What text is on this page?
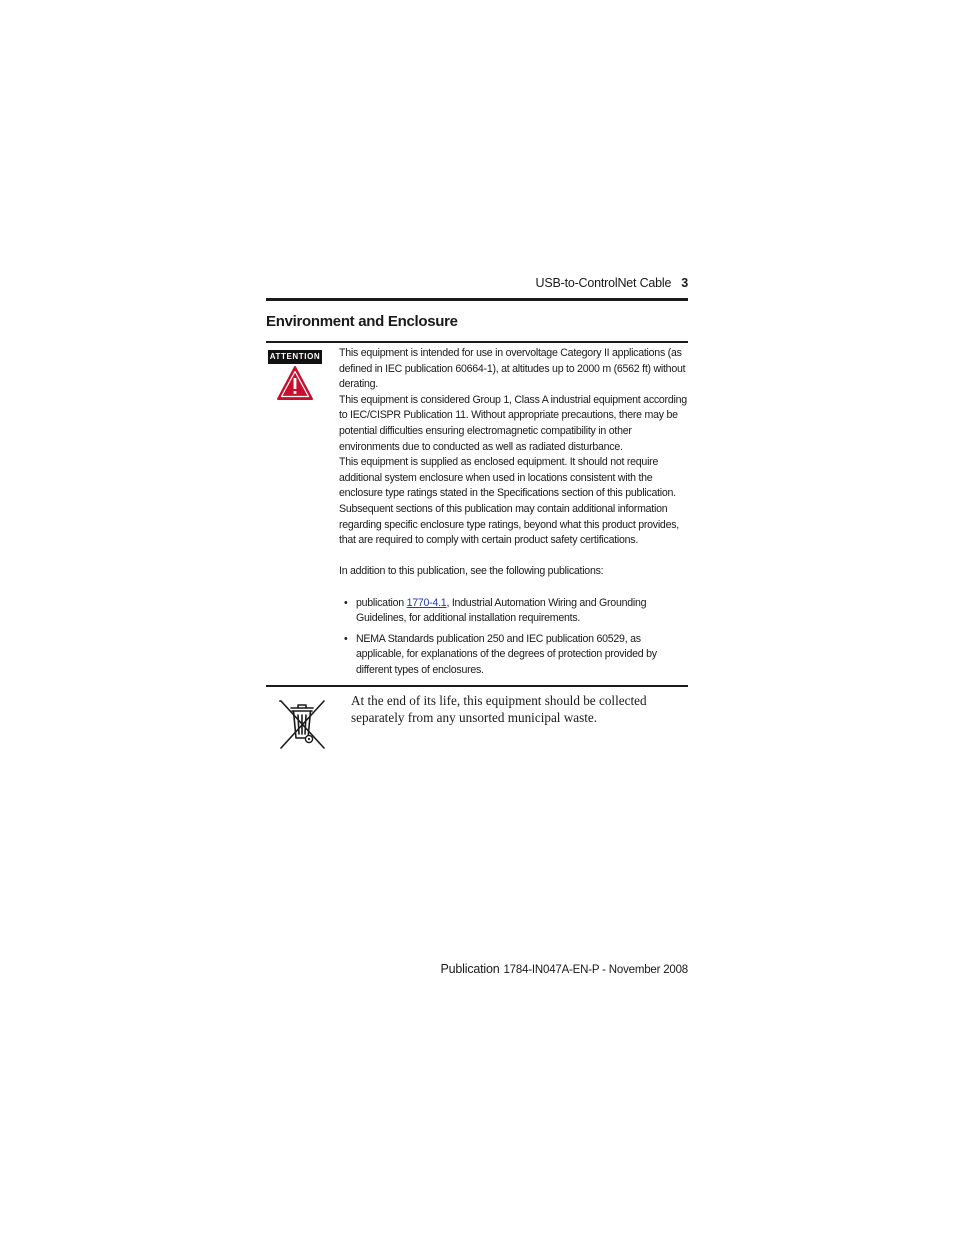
USB-to-ControlNet Cable 3
Environment and Enclosure
ATTENTION This equipment is intended for use in overvoltage Category II applications (as defined in IEC publication 60664-1), at altitudes up to 2000 m (6562 ft) without derating.

This equipment is considered Group 1, Class A industrial equipment according to IEC/CISPR Publication 11. Without appropriate precautions, there may be potential difficulties ensuring electromagnetic compatibility in other environments due to conducted as well as radiated disturbance.

This equipment is supplied as enclosed equipment. It should not require additional system enclosure when used in locations consistent with the enclosure type ratings stated in the Specifications section of this publication. Subsequent sections of this publication may contain additional information regarding specific enclosure type ratings, beyond what this product provides, that are required to comply with certain product safety certifications.

In addition to this publication, see the following publications:

• publication 1770-4.1, Industrial Automation Wiring and Grounding Guidelines, for additional installation requirements.
• NEMA Standards publication 250 and IEC publication 60529, as applicable, for explanations of the degrees of protection provided by different types of enclosures.
At the end of its life, this equipment should be collected separately from any unsorted municipal waste.
Publication 1784-IN047A-EN-P - November 2008
